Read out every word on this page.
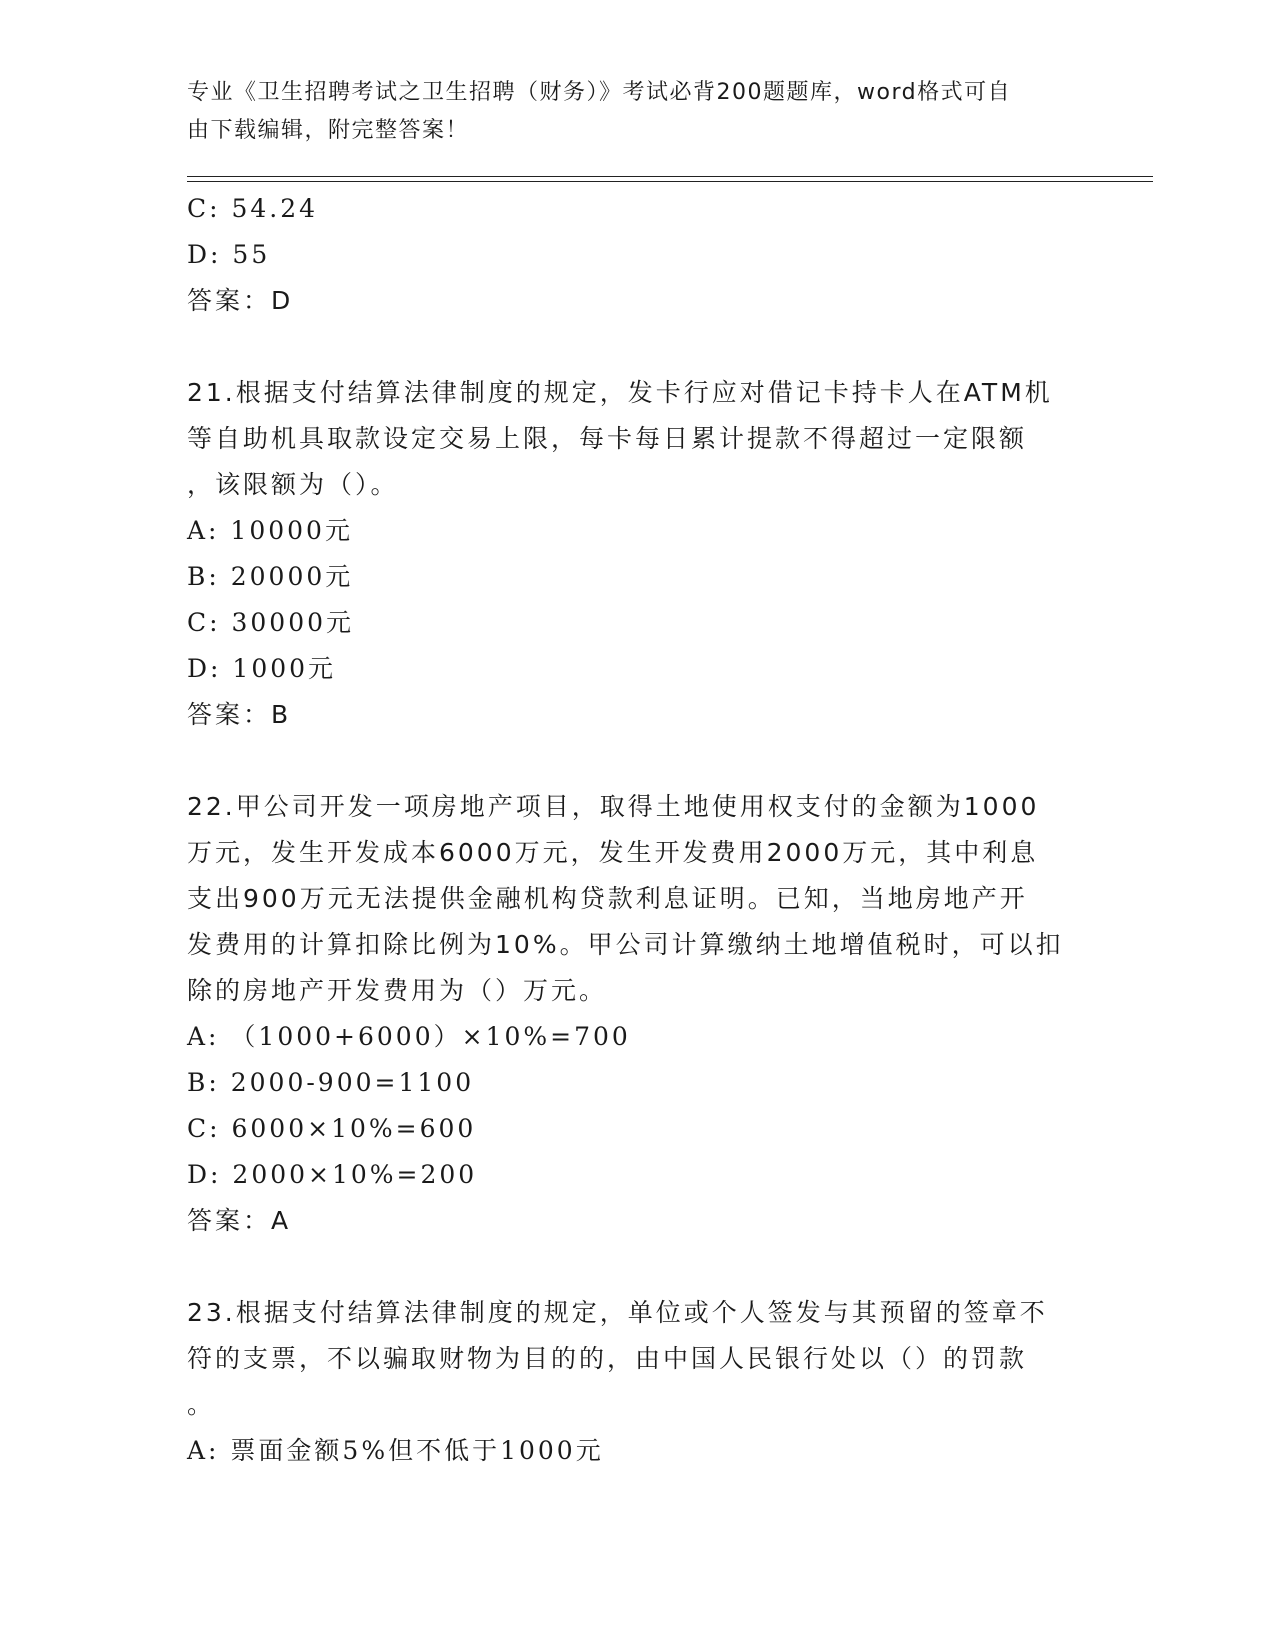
专业《卫生招聘考试之卫生招聘（财务）》考试必背200题题库，word格式可自
由下载编辑，附完整答案！
C: 54.24
D: 55
答案：D
21.根据支付结算法律制度的规定，发卡行应对借记卡持卡人在ATM机
等自助机具取款设定交易上限，每卡每日累计提款不得超过一定限额
，该限额为（）。
A: 10000元
B: 20000元
C: 30000元
D: 1000元
答案：B
22.甲公司开发一项房地产项目，取得土地使用权支付的金额为1000
万元，发生开发成本6000万元，发生开发费用2000万元，其中利息
支出900万元无法提供金融机构贷款利息证明。已知，当地房地产开
发费用的计算扣除比例为10%。甲公司计算缴纳土地增值税时，可以扣
除的房地产开发费用为（）万元。
A: （1000+6000）×10%=700
B: 2000-900=1100
C: 6000×10%=600
D: 2000×10%=200
答案：A
23.根据支付结算法律制度的规定，单位或个人签发与其预留的签章不
符的支票，不以骗取财物为目的的，由中国人民银行处以（）的罚款
。
A: 票面金额5%但不低于1000元
